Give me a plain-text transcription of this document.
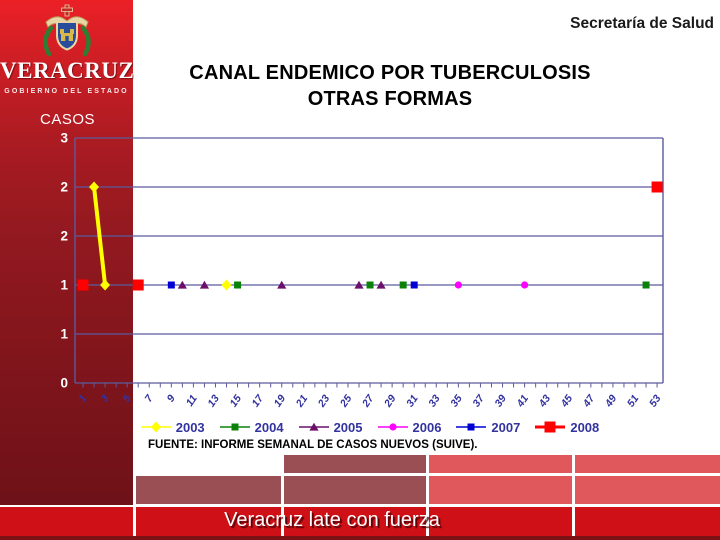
VERACRUZ
GOBIERNO DEL ESTADO
CASOS
Secretaría de Salud
CANAL ENDEMICO POR TUBERCULOSIS
OTRAS FORMAS
3
2
2
1
1
0
1 3 5 7 9 11 13 15 17 19 21 23 25 27 29 31 33 35 37 39 41 43 45 47 49 51 53
2003	2004	2005	2006	2007	2008
FUENTE: INFORME SEMANAL DE CASOS NUEVOS (SUIVE).
Veracruz late con fuerza
